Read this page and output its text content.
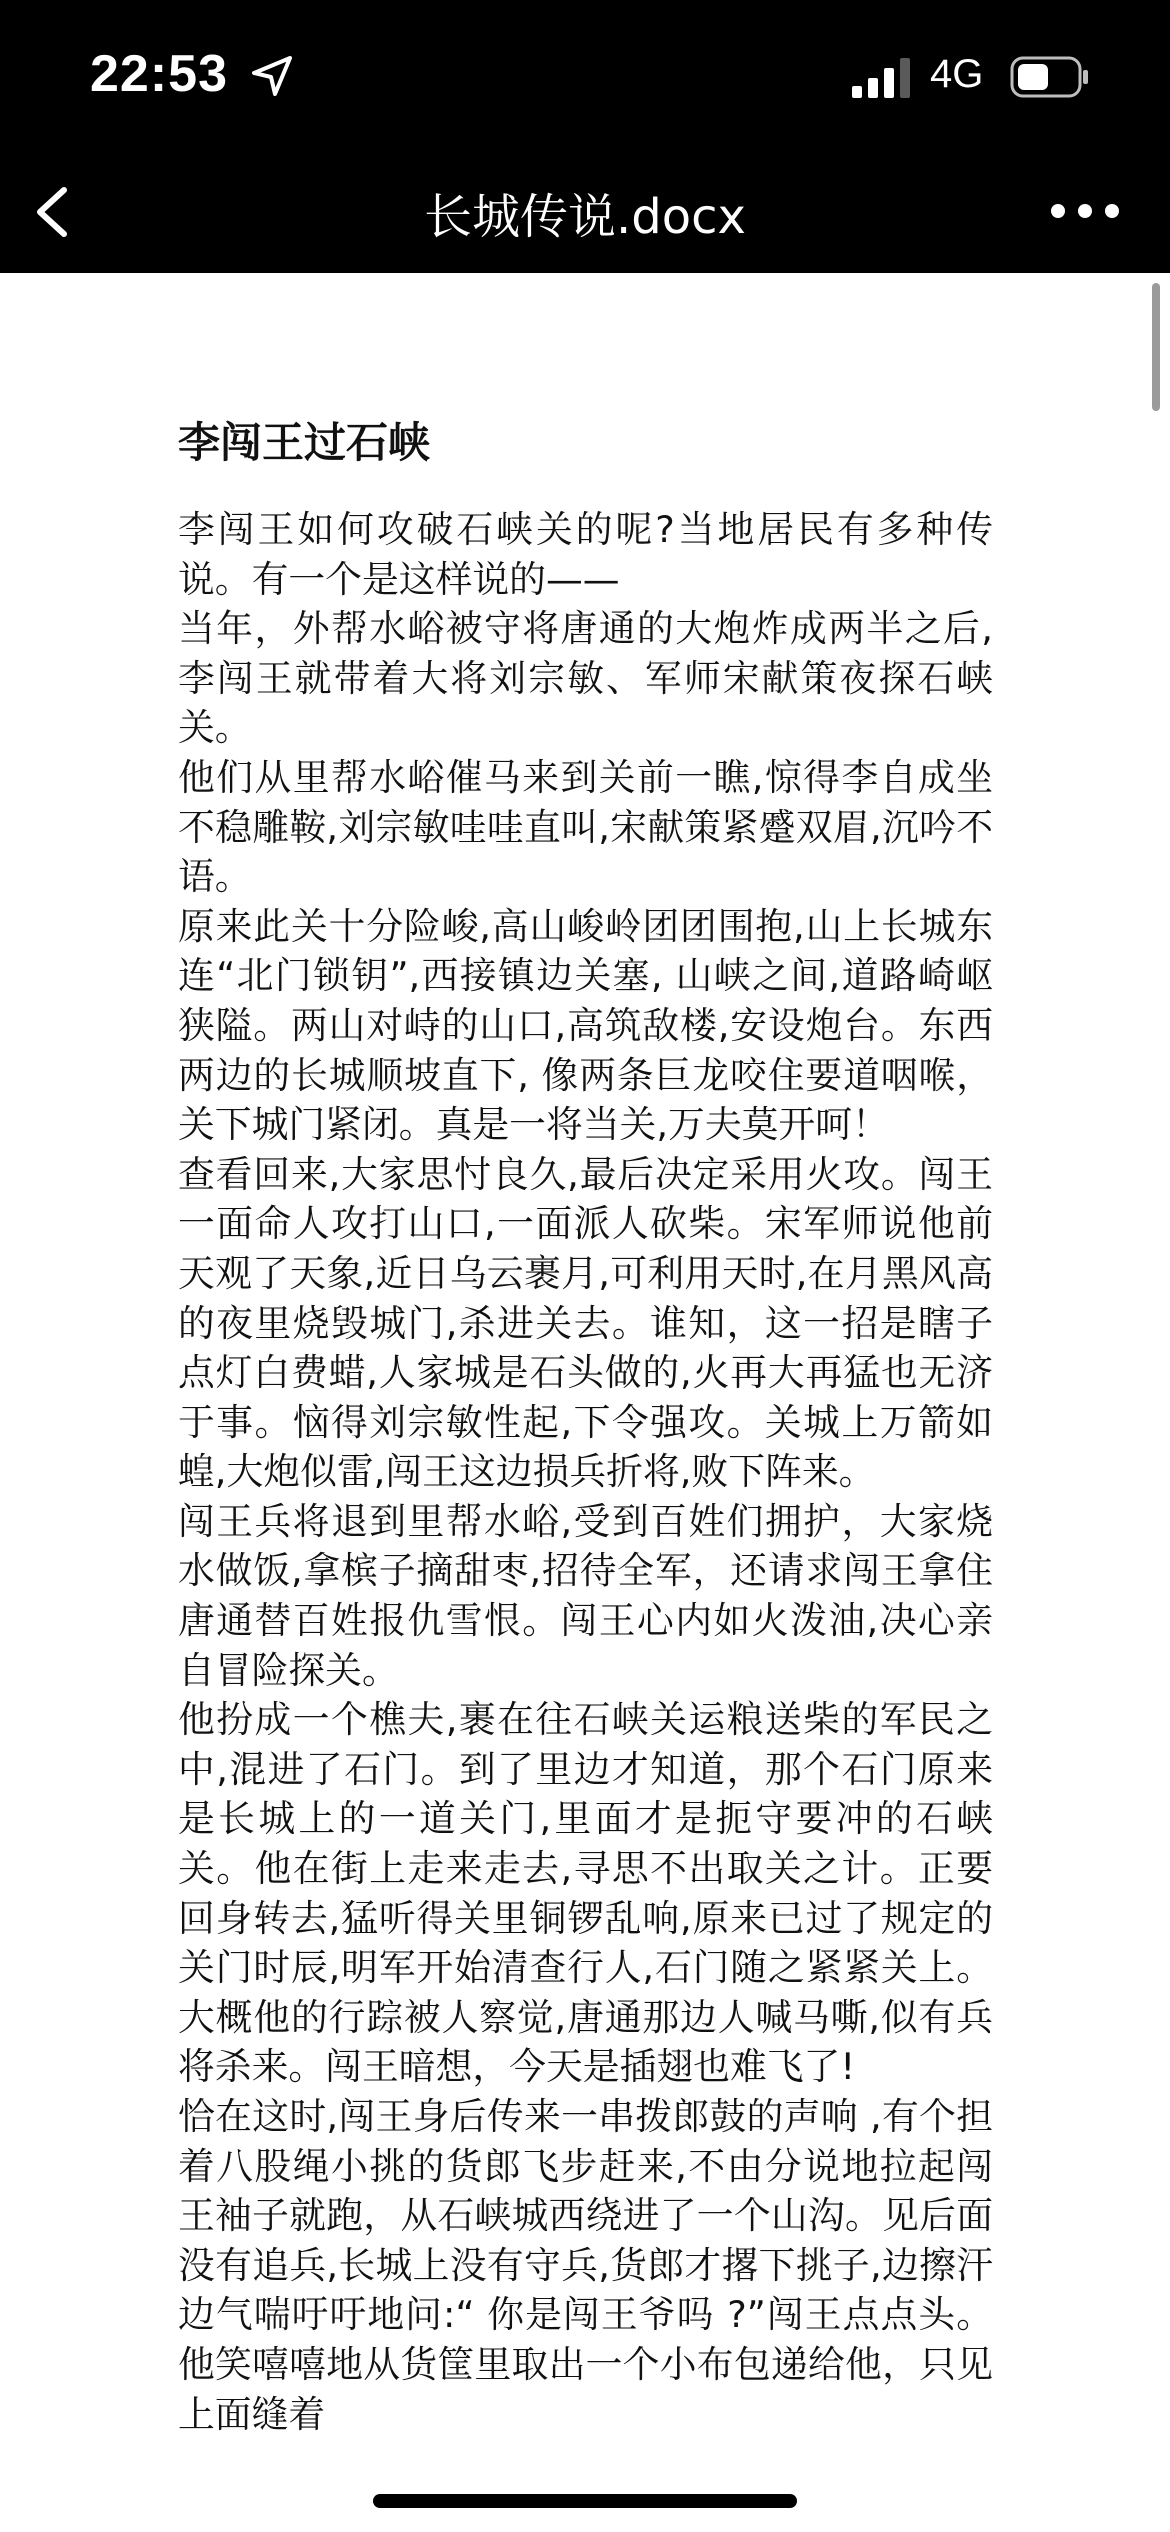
22:53	4G
长城传说.docx
李闯王过石峡

李闯王如何攻破石峡关的呢?当地居民有多种传说。有一个是这样说的——

当年，外帮水峪被守将唐通的大炮炸成两半之后,李闯王就带着大将刘宗敏、军师宋献策夜探石峡关。

他们从里帮水峪催马来到关前一瞧,惊得李自成坐不稳雕鞍,刘宗敏哇哇直叫,宋献策紧蹙双眉,沉吟不语。

原来此关十分险峻,高山峻岭团团围抱,山上长城东连“北门锁钥”,西接镇边关塞, 山峡之间,道路崎岖狭隘。两山对峙的山口,高筑敌楼,安设炮台。东西两边的长城顺坡直下, 像两条巨龙咬住要道咽喉，关下城门紧闭。真是一将当关,万夫莫开呵！

查看回来,大家思忖良久,最后决定采用火攻。闯王一面命人攻打山口,一面派人砍柴。宋军师说他前天观了天象,近日乌云裹月,可利用天时,在月黑风高的夜里烧毁城门,杀进关去。谁知，这一招是瞎子点灯白费蜡,人家城是石头做的,火再大再猛也无济于事。恼得刘宗敏性起,下令强攻。关城上万箭如蝗,大炮似雷,闯王这边损兵折将,败下阵来。

闯王兵将退到里帮水峪,受到百姓们拥护，大家烧水做饭,拿槟子摘甜枣,招待全军，还请求闯王拿住唐通替百姓报仇雪恨。闯王心内如火泼油,决心亲自冒险探关。

他扮成一个樵夫,裹在往石峡关运粮送柴的军民之中,混进了石门。到了里边才知道，那个石门原来是长城上的一道关门,里面才是扼守要冲的石峡关。他在街上走来走去,寻思不出取关之计。正要回身转去,猛听得关里铜锣乱响,原来已过了规定的关门时辰,明军开始清查行人,石门随之紧紧关上。大概他的行踪被人察觉,唐通那边人喊马嘶,似有兵将杀来。闯王暗想，今天是插翅也难飞了!

恰在这时,闯王身后传来一串拨郎鼓的声响 ,有个担着八股绳小挑的货郎飞步赶来,不由分说地拉起闯王袖子就跑，从石峡城西绕进了一个山沟。见后面没有追兵,长城上没有守兵,货郎才撂下挑子,边擦汗边气喘吁吁地问:“ 你是闯王爷吗 ?”闯王点点头。他笑嘻嘻地从货筐里取出一个小布包递给他，只见上面缝着
